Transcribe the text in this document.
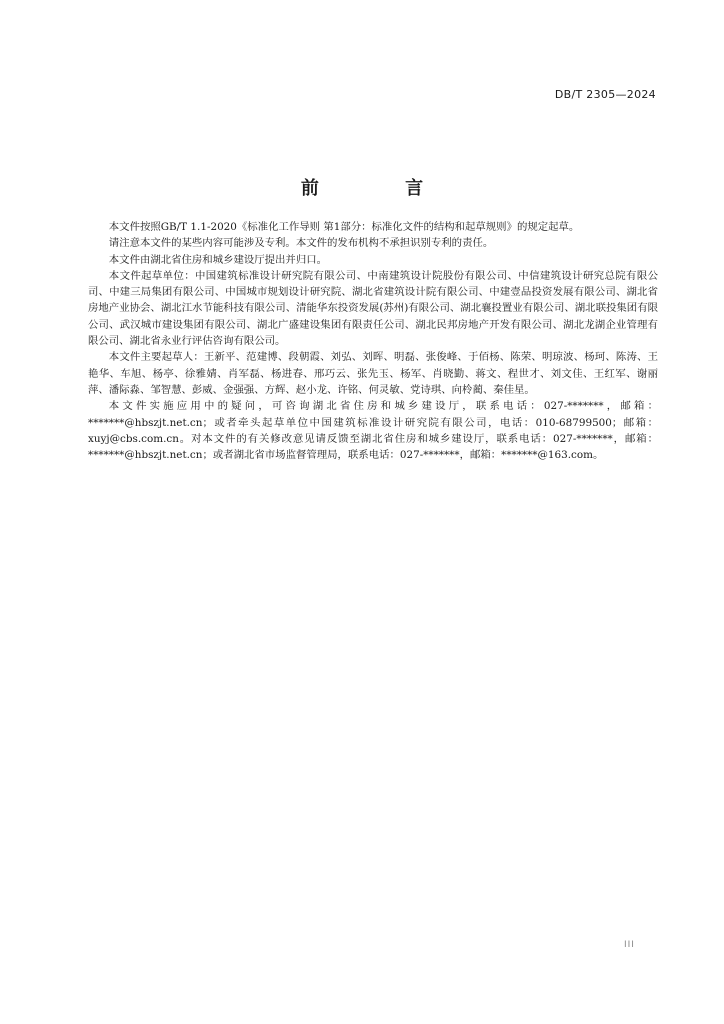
DB/T 2305—2024
前 言

本文件按照GB/T 1.1-2020《标准化工作导则 第1部分：标准化文件的结构和起草规则》的规定起草。

请注意本文件的某些内容可能涉及专利。本文件的发布机构不承担识别专利的责任。

本文件由湖北省住房和城乡建设厅提出并归口。

本文件起草单位：中国建筑标准设计研究院有限公司、中南建筑设计院股份有限公司、中信建筑设计研究总院有限公司、中建三局集团有限公司、中国城市规划设计研究院、湖北省建筑设计院有限公司、中建壹品投资发展有限公司、湖北省房地产业协会、湖北江水节能科技有限公司、清能华东投资发展(苏州)有限公司、湖北襄投置业有限公司、湖北联投集团有限公司、武汉城市建设集团有限公司、湖北广盛建设集团有限责任公司、湖北民邦房地产开发有限公司、湖北龙湖企业管理有限公司、湖北省永业行评估咨询有限公司。

本文件主要起草人：王新平、范建博、段朝霞、刘弘、刘晖、明磊、张俊峰、于佰杨、陈荣、明琼波、杨珂、陈涛、王艳华、车旭、杨亭、徐雅婧、肖军磊、杨进春、邢巧云、张先玉、杨军、肖晓勤、蒋文、程世才、刘文佳、王红军、谢丽萍、潘际淼、邹智慧、彭威、金强强、方辉、赵小龙、许铭、何灵敏、党诗琪、向柃蔺、秦佳星。

本文件实施应用中的疑问，可咨询湖北省住房和城乡建设厅，联系电话：027-*******，邮箱：*******@hbszjt.net.cn；或者牵头起草单位中国建筑标准设计研究院有限公司，电话：010-68799500；邮箱：xuyj@cbs.com.cn。对本文件的有关修改意见请反馈至湖北省住房和城乡建设厅，联系电话：027-*******，邮箱：*******@hbszjt.net.cn；或者湖北省市场监督管理局，联系电话：027-*******，邮箱：*******@163.com。

III
